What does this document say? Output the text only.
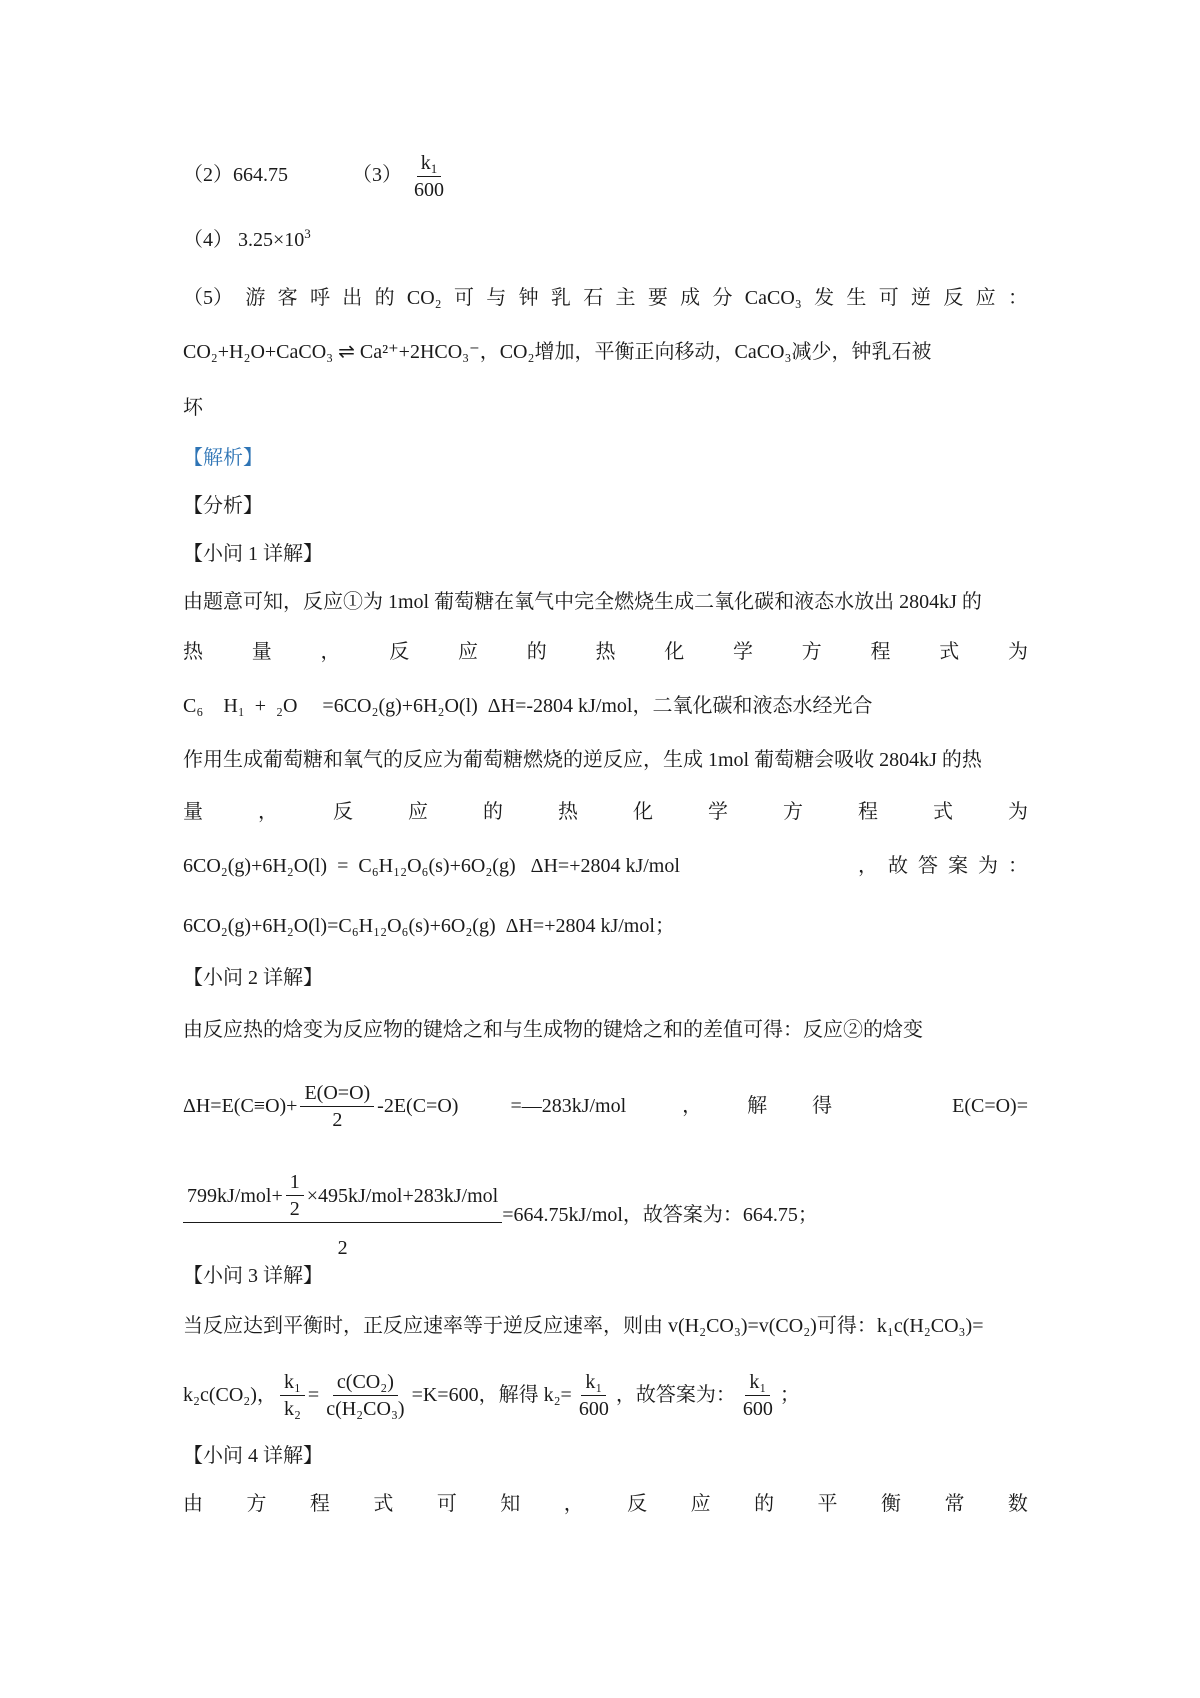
（2）664.75	$(3) \frac{k_1}{600}$
（4） $3.25\times 10^3$
（5） 游 客 呼 出 的 CO₂ 可 与 钟 乳 石 主 要 成 分 CaCO₃ 发 生 可 逆 反 应 ：
CO₂+H₂O+CaCO₃ ⇌ Ca²⁺+2HCO₃⁻，CO₂增加，平衡正向移动，CaCO₃减少，钟乳石被
坏
【解析】
【分析】
【小问 1 详解】
由题意可知，反应①为 1mol 葡萄糖在氧气中完全燃烧生成二氧化碳和液态水放出 2804kJ 的
热 量 ， 反 应 的 热 化 学 方 程 式 为
C₆    H₁  +  ₂O     =6CO₂(g)+6H₂O(l)  ΔH=-2804 kJ/mol，二氧化碳和液态水经光合
作用生成葡萄糖和氧气的反应为葡萄糖燃烧的逆反应，生成 1mol 葡萄糖会吸收 2804kJ 的热
量	，	反	应	的	热	化	学	方	程	式	为
6CO₂(g)+6H₂O(l)  =  C₆H₁₂O₆(s)+6O₂(g)   ΔH=+2804 kJ/mol	， 故 答 案 为 ：
6CO₂(g)+6H₂O(l)=C₆H₁₂O₆(s)+6O₂(g)  ΔH=+2804 kJ/mol；
【小问 2 详解】
由反应热的焓变为反应物的键焓之和与生成物的键焓之和的差值可得：反应②的焓变
$\Delta H=E(C\equiv O)+ \frac{E(O=O)}{2} -2E(C=O)$	=—283kJ/mol	， 解 得	E(C=O)=
$\frac{799kJ/mol+ \frac{1}{2} \times 495kJ/mol+283kJ/mol}{2} =664.75kJ/mol$，故答案为：664.75；
【小问 3 详解】
当反应达到平衡时，正反应速率等于逆反应速率，则由 v(H₂CO₃)=v(CO₂)可得：k₁c(H₂CO₃)=
k₂c(CO₂)， $\frac{\text{k₁}}{\text{k₂}} = \frac{\text{c(CO₂)}}{\text{c(H₂CO₃)}} =K=600$，解得 $k_2= \frac{\text{k₁}}{600}$ ，故答案为： $\frac{\text{k₁}}{600}$ ；
【小问 4 详解】
由 方 程 式 可 知 ， 反 应 的 平 衡 常 数
